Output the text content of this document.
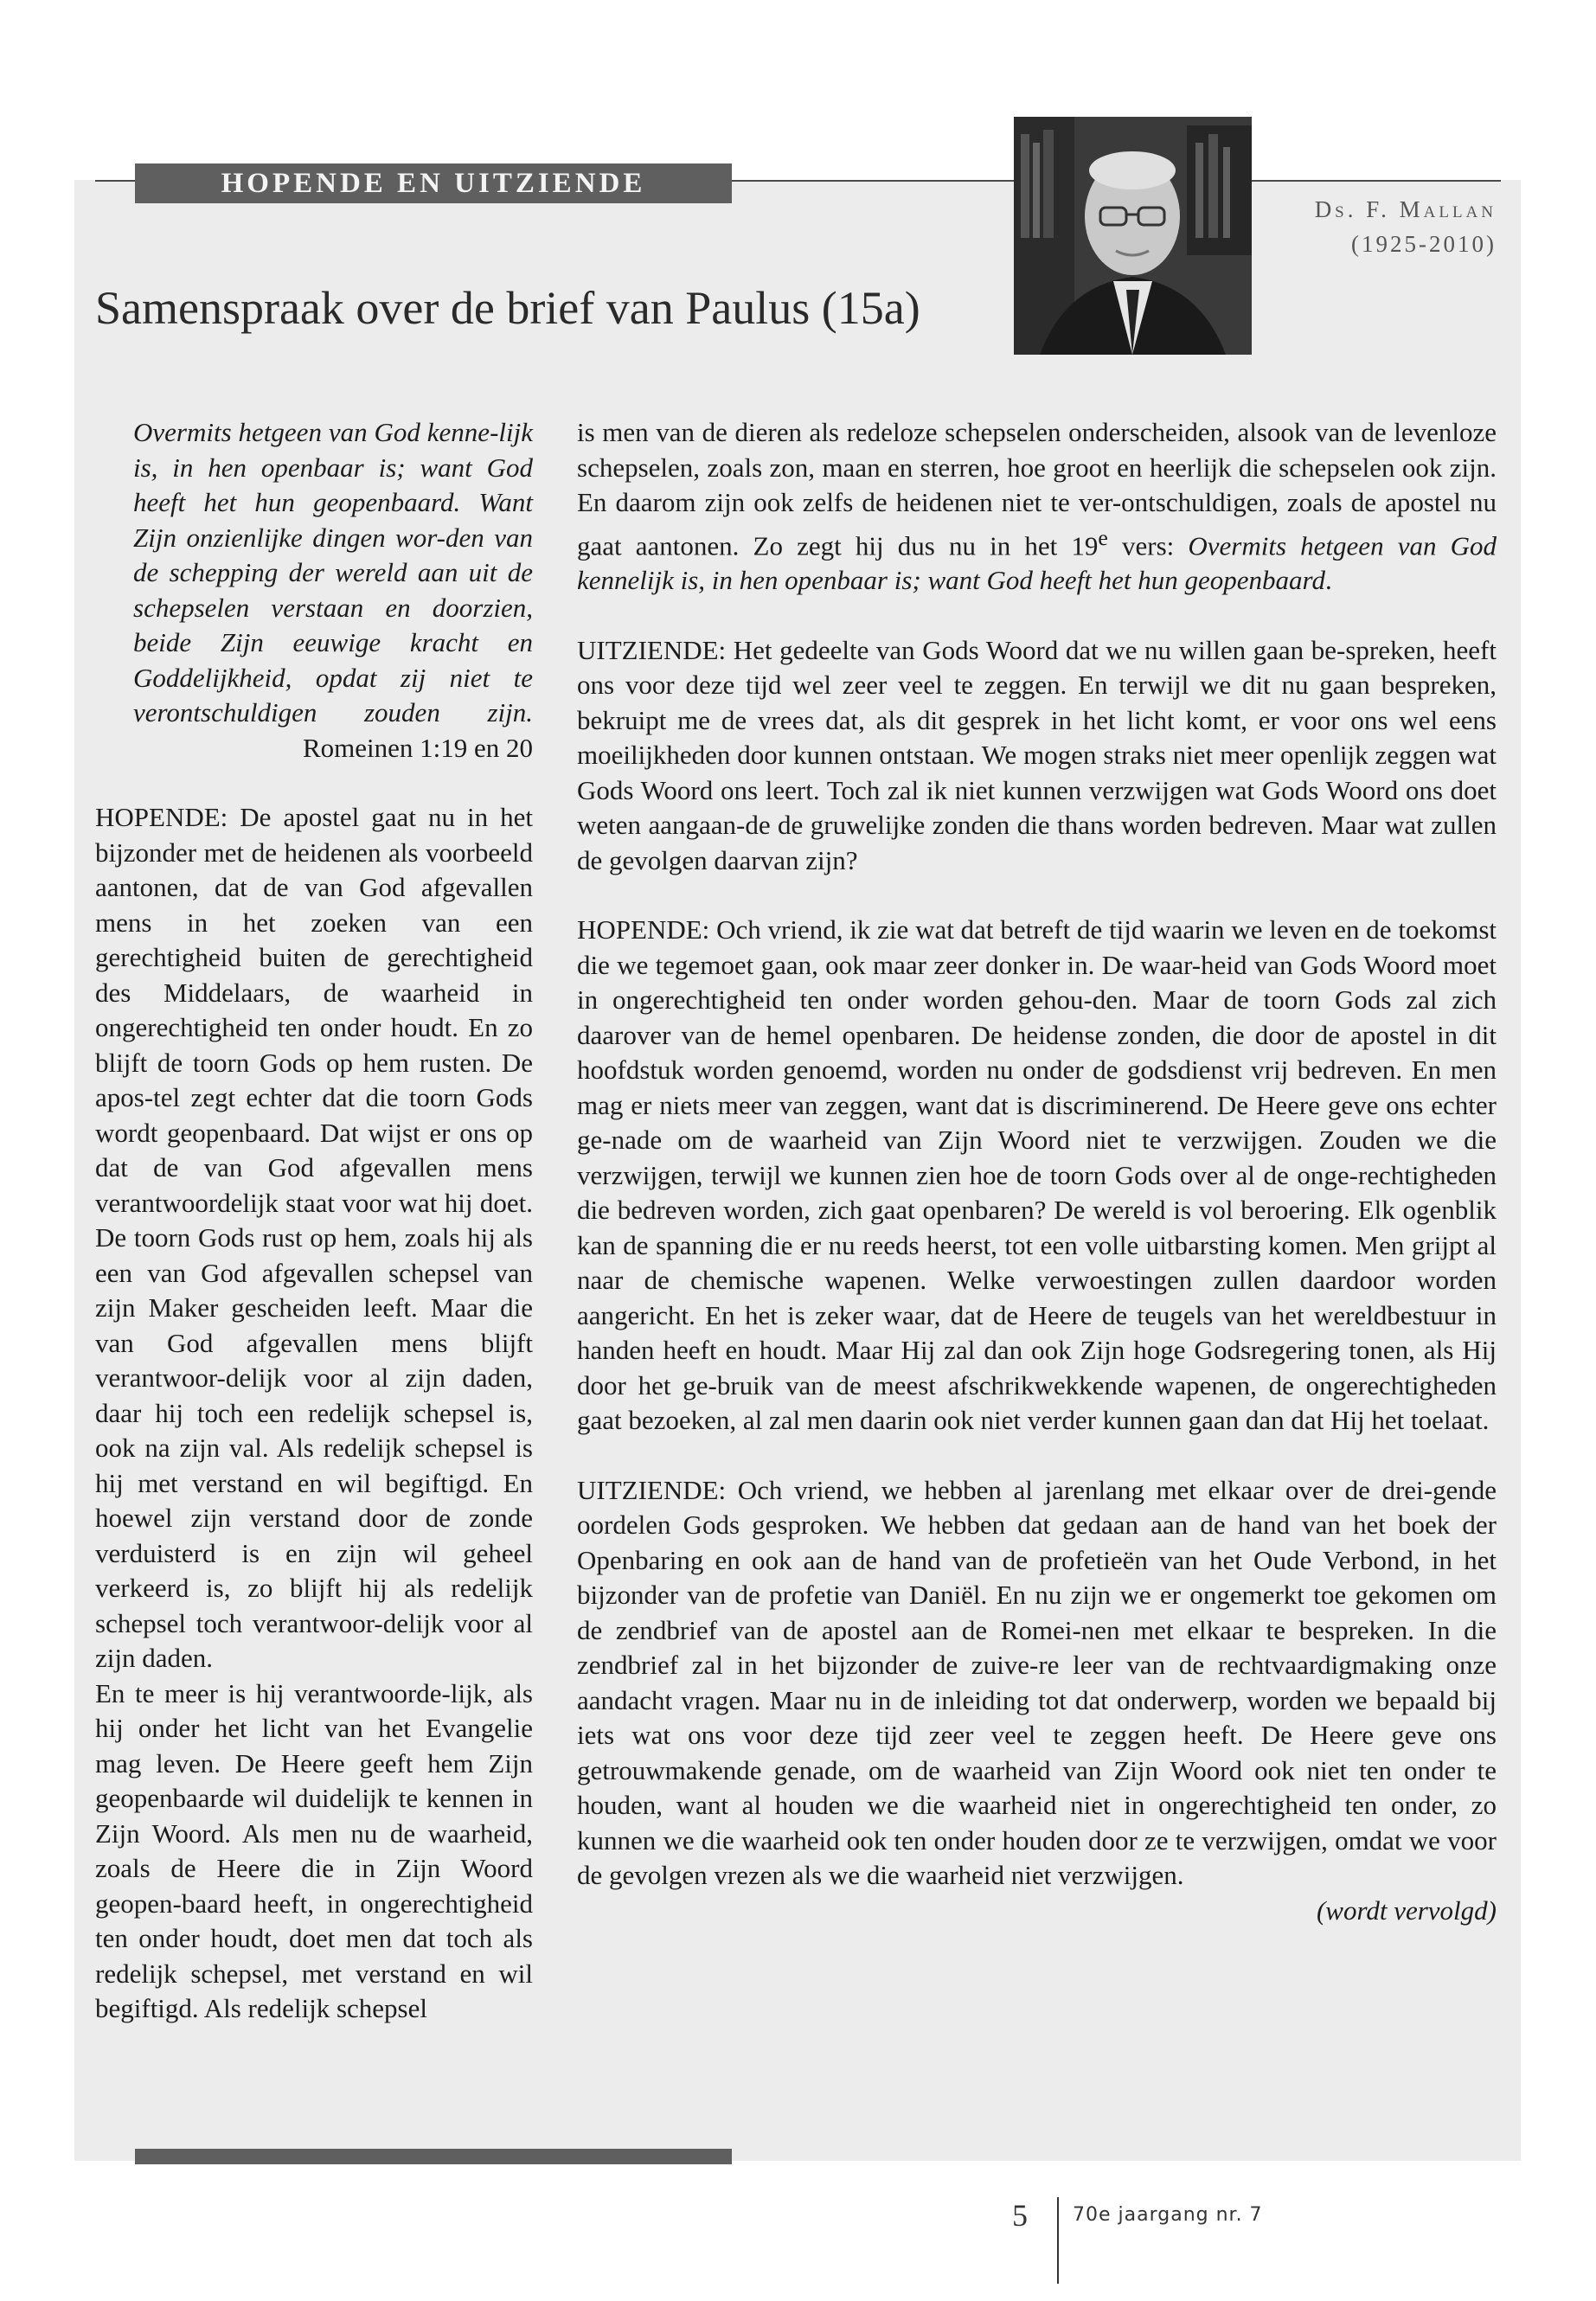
HOPENDE EN UITZIENDE
Ds. F. Mallan
(1925-2010)
Samenspraak over de brief van Paulus (15a)
Overmits hetgeen van God kenne-lijk is, in hen openbaar is; want God heeft het hun geopenbaard. Want Zijn onzienlijke dingen wor-den van de schepping der wereld aan uit de schepselen verstaan en doorzien, beide Zijn eeuwige kracht en Goddelijkheid, opdat zij niet te verontschuldigen zouden zijn.
Romeinen 1:19 en 20

HOPENDE: De apostel gaat nu in het bijzonder met de heidenen als voorbeeld aantonen, dat de van God afgevallen mens in het zoeken van een gerechtigheid buiten de gerechtigheid des Middelaars, de waarheid in ongerechtigheid ten onder houdt. En zo blijft de toorn Gods op hem rusten. De apos-tel zegt echter dat die toorn Gods wordt geopenbaard. Dat wijst er ons op dat de van God afgevallen mens verantwoordelijk staat voor wat hij doet. De toorn Gods rust op hem, zoals hij als een van God afgevallen schepsel van zijn Maker gescheiden leeft. Maar die van God afgevallen mens blijft verantwoor-delijk voor al zijn daden, daar hij toch een redelijk schepsel is, ook na zijn val. Als redelijk schepsel is hij met verstand en wil begiftigd. En hoewel zijn verstand door de zonde verduisterd is en zijn wil geheel verkeerd is, zo blijft hij als redelijk schepsel toch verantwoor-delijk voor al zijn daden.

En te meer is hij verantwoorde-lijk, als hij onder het licht van het Evangelie mag leven. De Heere geeft hem Zijn geopenbaarde wil duidelijk te kennen in Zijn Woord. Als men nu de waarheid, zoals de Heere die in Zijn Woord geopen-baard heeft, in ongerechtigheid ten onder houdt, doet men dat toch als redelijk schepsel, met verstand en wil begiftigd. Als redelijk schepsel

is men van de dieren als redeloze schepselen onderscheiden, alsook van de levenloze schepselen, zoals zon, maan en sterren, hoe groot en heerlijk die schepselen ook zijn. En daarom zijn ook zelfs de heidenen niet te ver-ontschuldigen, zoals de apostel nu gaat aantonen. Zo zegt hij dus nu in het 19e vers: Overmits hetgeen van God kennelijk is, in hen openbaar is; want God heeft het hun geopenbaard.

UITZIENDE: Het gedeelte van Gods Woord dat we nu willen gaan be-spreken, heeft ons voor deze tijd wel zeer veel te zeggen. En terwijl we dit nu gaan bespreken, bekruipt me de vrees dat, als dit gesprek in het licht komt, er voor ons wel eens moeilijkheden door kunnen ontstaan. We mogen straks niet meer openlijk zeggen wat Gods Woord ons leert. Toch zal ik niet kunnen verzwijgen wat Gods Woord ons doet weten aangaan-de de gruwelijke zonden die thans worden bedreven. Maar wat zullen de gevolgen daarvan zijn?

HOPENDE: Och vriend, ik zie wat dat betreft de tijd waarin we leven en de toekomst die we tegemoet gaan, ook maar zeer donker in. De waar-heid van Gods Woord moet in ongerechtigheid ten onder worden gehou-den. Maar de toorn Gods zal zich daarover van de hemel openbaren. De heidense zonden, die door de apostel in dit hoofdstuk worden genoemd, worden nu onder de godsdienst vrij bedreven. En men mag er niets meer van zeggen, want dat is discriminerend. De Heere geve ons echter ge-nade om de waarheid van Zijn Woord niet te verzwijgen. Zouden we die verzwijgen, terwijl we kunnen zien hoe de toorn Gods over al de onge-rechtigheden die bedreven worden, zich gaat openbaren? De wereld is vol beroering. Elk ogenblik kan de spanning die er nu reeds heerst, tot een volle uitbarsting komen. Men grijpt al naar de chemische wapenen. Welke verwoestingen zullen daardoor worden aangericht. En het is zeker waar, dat de Heere de teugels van het wereldbestuur in handen heeft en houdt. Maar Hij zal dan ook Zijn hoge Godsregering tonen, als Hij door het ge-bruik van de meest afschrikwekkende wapenen, de ongerechtigheden gaat bezoeken, al zal men daarin ook niet verder kunnen gaan dan dat Hij het toelaat.

UITZIENDE: Och vriend, we hebben al jarenlang met elkaar over de drei-gende oordelen Gods gesproken. We hebben dat gedaan aan de hand van het boek der Openbaring en ook aan de hand van de profetieën van het Oude Verbond, in het bijzonder van de profetie van Daniël. En nu zijn we er ongemerkt toe gekomen om de zendbrief van de apostel aan de Romei-nen met elkaar te bespreken. In die zendbrief zal in het bijzonder de zuive-re leer van de rechtvaardigmaking onze aandacht vragen. Maar nu in de inleiding tot dat onderwerp, worden we bepaald bij iets wat ons voor deze tijd zeer veel te zeggen heeft. De Heere geve ons getrouwmakende genade, om de waarheid van Zijn Woord ook niet ten onder te houden, want al houden we die waarheid niet in ongerechtigheid ten onder, zo kunnen we die waarheid ook ten onder houden door ze te verzwijgen, omdat we voor de gevolgen vrezen als we die waarheid niet verzwijgen.

(wordt vervolgd)
5 70e jaargang nr. 7
